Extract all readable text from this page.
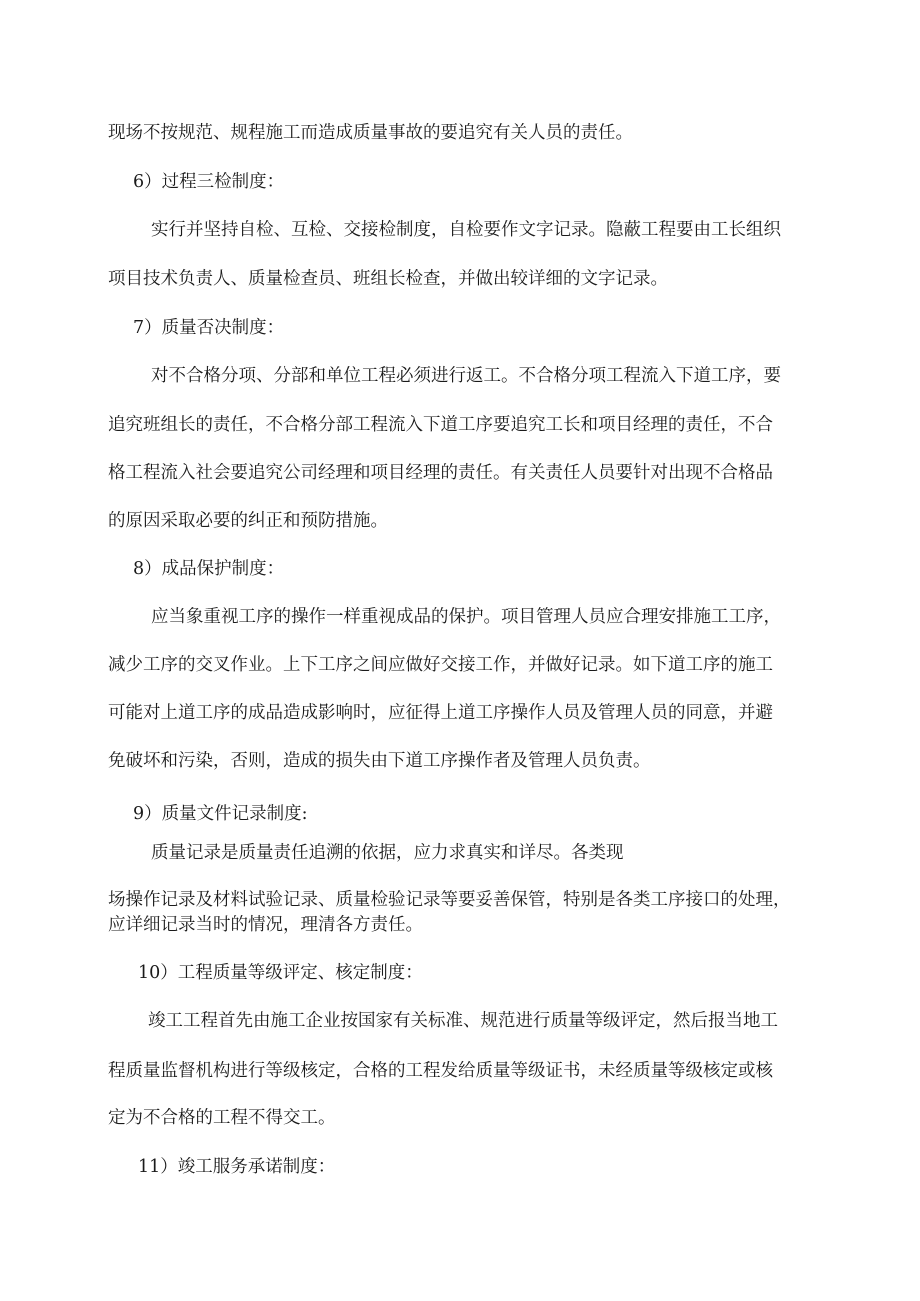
现场不按规范、规程施工而造成质量事故的要追究有关人员的责任。
6）过程三检制度：
实行并坚持自检、互检、交接检制度，自检要作文字记录。隐蔽工程要由工长组织
项目技术负责人、质量检查员、班组长检查，并做出较详细的文字记录。
7）质量否决制度：
对不合格分项、分部和单位工程必须进行返工。不合格分项工程流入下道工序，要
追究班组长的责任，不合格分部工程流入下道工序要追究工长和项目经理的责任，不合
格工程流入社会要追究公司经理和项目经理的责任。有关责任人员要针对出现不合格品
的原因采取必要的纠正和预防措施。
8）成品保护制度：
应当象重视工序的操作一样重视成品的保护。项目管理人员应合理安排施工工序，
减少工序的交叉作业。上下工序之间应做好交接工作，并做好记录。如下道工序的施工
可能对上道工序的成品造成影响时，应征得上道工序操作人员及管理人员的同意，并避
免破坏和污染，否则，造成的损失由下道工序操作者及管理人员负责。
9）质量文件记录制度:
质量记录是质量责任追溯的依据，应力求真实和详尽。各类现
场操作记录及材料试验记录、质量检验记录等要妥善保管，特别是各类工序接口的处理，
应详细记录当时的情况，理清各方责任。
10）工程质量等级评定、核定制度：
竣工工程首先由施工企业按国家有关标准、规范进行质量等级评定，然后报当地工
程质量监督机构进行等级核定，合格的工程发给质量等级证书，未经质量等级核定或核
定为不合格的工程不得交工。
11）竣工服务承诺制度：
